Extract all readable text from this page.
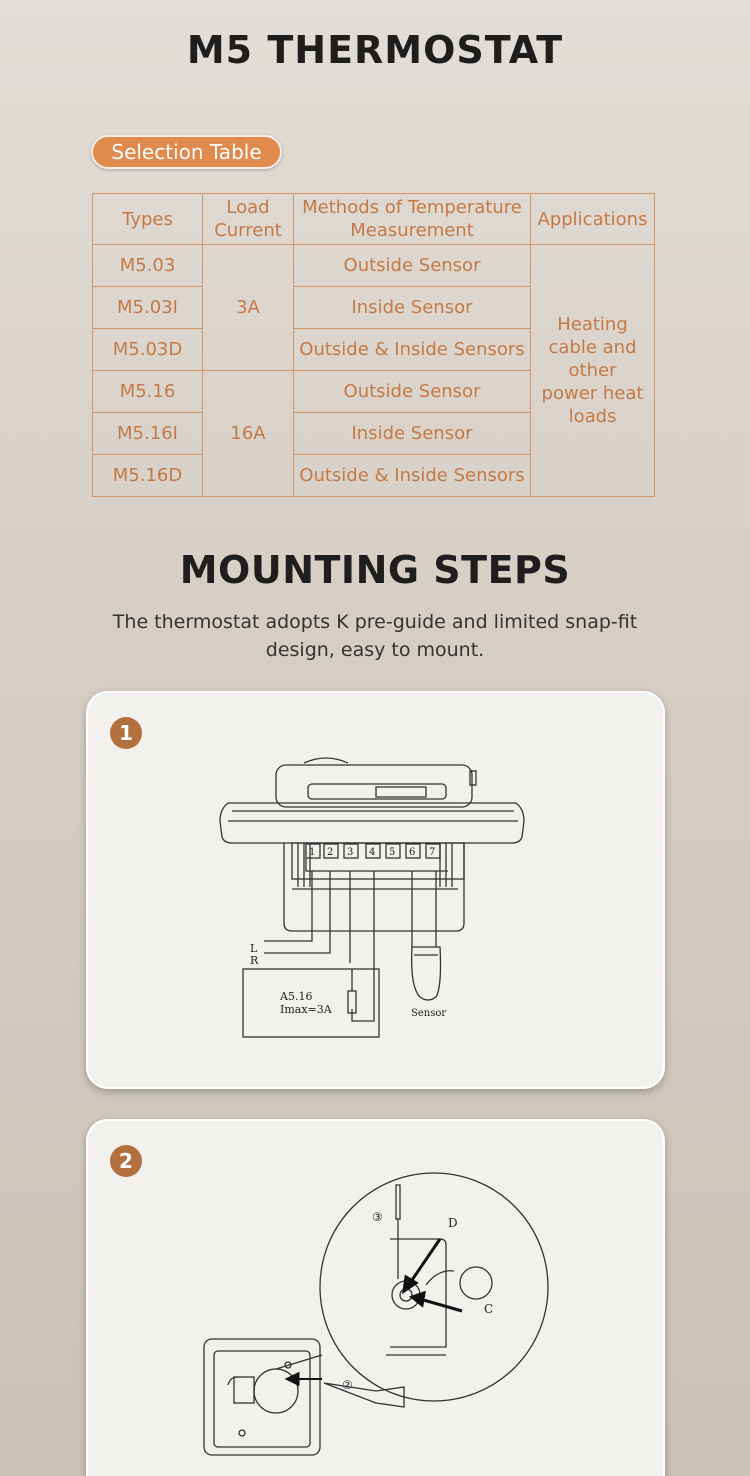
M5 THERMOSTAT
Selection Table
Types	Load Current	Methods of Temperature Measurement	Applications
M5.03	3A	Outside Sensor	Heating cable and other power heat loads
M5.03I		Inside Sensor	
M5.03D		Outside & Inside Sensors	
M5.16	16A	Outside Sensor	
M5.16I		Inside Sensor	
M5.16D		Outside & Inside Sensors	
MOUNTING STEPS
The thermostat adopts K pre-guide and limited snap-fit design, easy to mount.
1
1 2 3 4 5 6 7
L
R
A5.16
Imax=3A	Sensor
2
③	D
C
②
